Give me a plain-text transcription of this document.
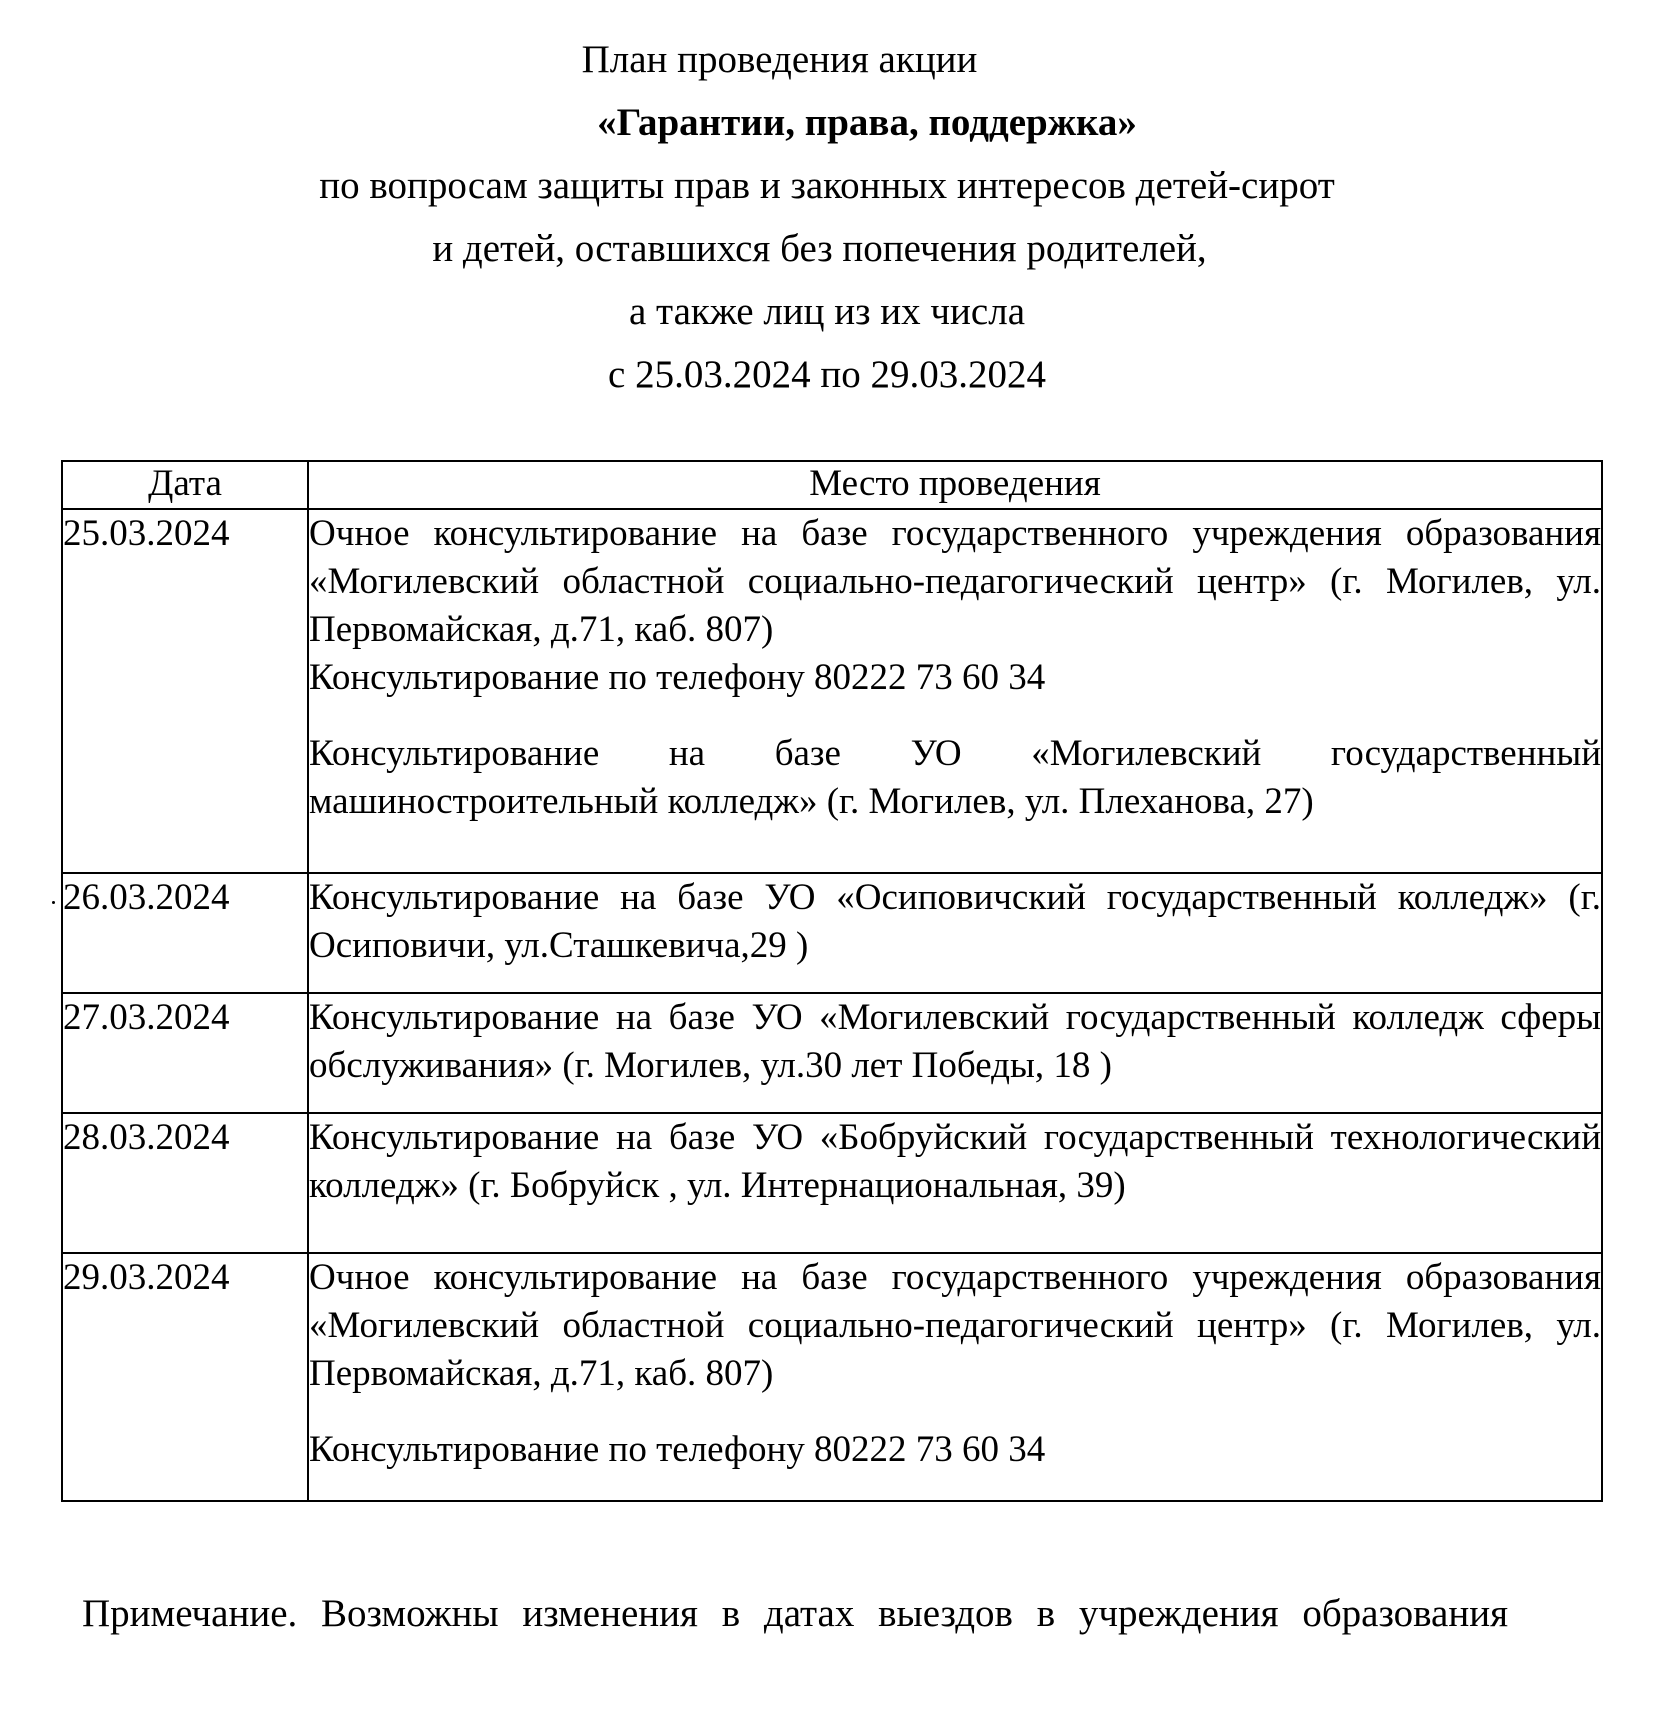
План проведения акции
«Гарантии, права, поддержка»
по вопросам защиты прав и законных интересов детей-сирот
и детей, оставшихся без попечения родителей,
а также лиц из их числа
с 25.03.2024 по 29.03.2024
Дата	Место проведения
25.03.2024	Очное консультирование на базе государственного учреждения образования «Могилевский областной социально-педагогический центр» (г. Могилев, ул. Первомайская, д.71, каб. 807)

Консультирование по телефону 80222 73 60 34

Консультирование на базе УО «Могилевский государственный машиностроительный колледж» (г. Могилев, ул. Плеханова, 27)

26.03.2024	Консультирование на базе УО «Осиповичский государственный колледж» (г. Осиповичи, ул.Сташкевича,29 )

27.03.2024	Консультирование на базе УО «Могилевский государственный колледж сферы обслуживания» (г. Могилев, ул.30 лет Победы, 18 )

28.03.2024	Консультирование на базе УО «Бобруйский государственный технологический колледж» (г. Бобруйск , ул. Интернациональная, 39)

29.03.2024	Очное консультирование на базе государственного учреждения образования «Могилевский областной социально-педагогический центр» (г. Могилев, ул. Первомайская, д.71, каб. 807)

Консультирование по телефону 80222 73 60 34

Примечание. Возможны изменения в датах выездов в учреждения образования
